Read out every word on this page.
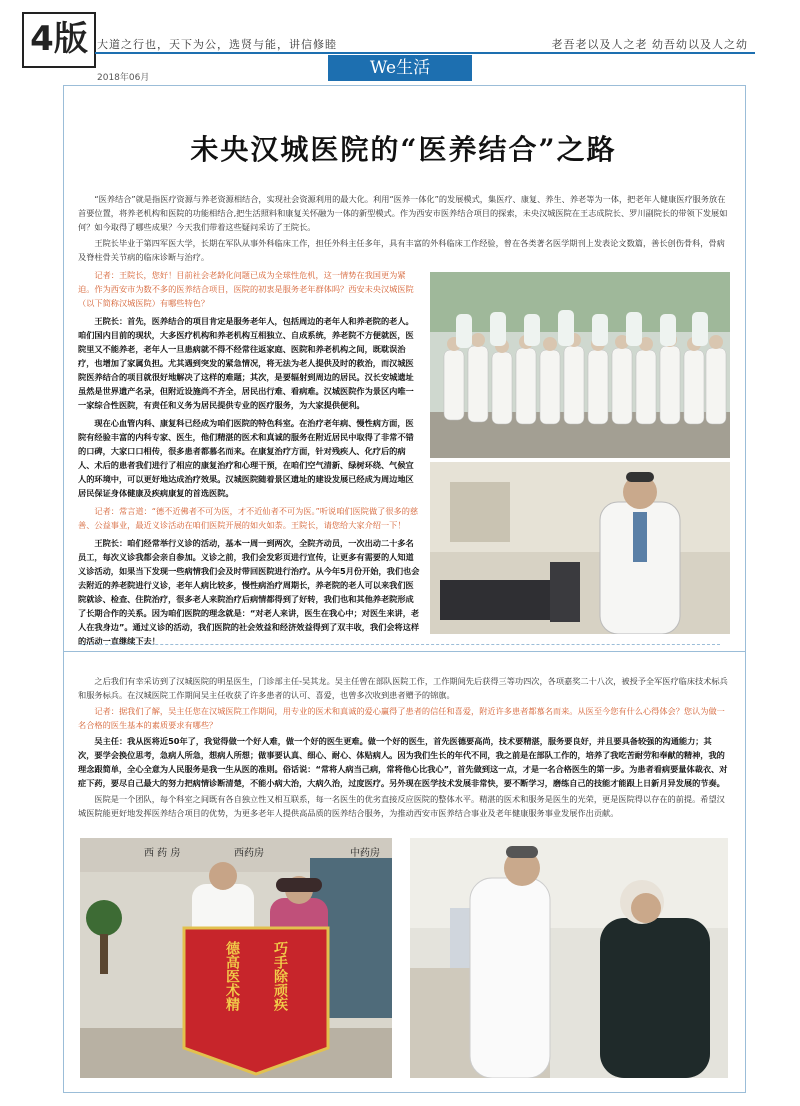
4版 大道之行也，天下为公，选贤与能，讲信修睦	老吾老以及人之老 幼吾幼以及人之幼
We生活
2018年06月
未央汉城医院的“医养结合”之路

“医养结合”就是指医疗资源与养老资源相结合，实现社会资源利用的最大化。利用“医养一体化”的发展模式，集医疗、康复、养生、养老等为一体，把老年人健康医疗服务放在首要位置，将养老机构和医院的功能相结合,把生活照料和康复关怀融为一体的新型模式。作为西安市医养结合项目的探索，未央汉城医院在王志成院长、罗川副院长的带领下发展如何？如今取得了哪些成果？今天我们带着这些疑问采访了王院长。

王院长毕业于第四军医大学，长期在军队从事外科临床工作，担任外科主任多年，具有丰富的外科临床工作经验，曾在各类著名医学期刊上发表论文数篇，善长创伤骨科，骨病及脊柱骨关节病的临床诊断与治疗。

记者：王院长，您好！目前社会老龄化问题已成为全球性危机，这一情势在我国更为紧迫。作为西安市为数不多的医养结合项目，医院的初衷是服务老年群体吗？西安未央汉城医院（以下简称汉城医院）有哪些特色？

王院长：首先，医养结合的项目肯定是服务老年人，包括周边的老年人和养老院的老人。咱们国内目前的现状，大多医疗机构和养老机构互相独立、自成系统，养老院不方便就医，医院里又不能养老，老年人一旦患病就不得不经常往返家庭、医院和养老机构之间，既耽误治疗，也增加了家属负担。尤其遇到突发的紧急情况，将无法为老人提供及时的救治，而汉城医院医养结合的项目就很好地解决了这样的难题；其次，是要辐射到周边的居民。汉长安城遗址虽然是世界遗产名录，但附近设施尚不齐全，居民出行难、看病难。汉城医院作为景区内唯一一家综合性医院，有责任和义务为居民提供专业的医疗服务，为大家提供便利。

现在心血管内科、康复科已经成为咱们医院的特色科室。在治疗老年病、慢性病方面，医院有经验丰富的内科专家、医生，他们精湛的医术和真诚的服务在附近居民中取得了非常不错的口碑，大家口口相传，很多患者都慕名而来。在康复治疗方面，针对残疾人、化疗后的病人、术后的患者我们进行了相应的康复治疗和心理干预，在咱们空气清新、绿树环绕、气候宜人的环境中，可以更好地达成治疗效果。汉城医院随着景区遗址的建设发展已经成为周边地区居民保证身体健康及疾病康复的首选医院。

记者：常言道：“德不近佛者不可为医，才不近仙者不可为医。”听说咱们医院做了很多的慈善、公益事业，最近义诊活动在咱们医院开展的如火如荼。王院长，请您给大家介绍一下！

王院长：咱们经常举行义诊的活动，基本一周一到两次，全院齐动员，一次出动二十多名员工，每次义诊我都会亲自参加。义诊之前，我们会发彩页进行宣传，让更多有需要的人知道义诊活动，如果当下发现一些病情我们会及时带回医院进行治疗。从今年5月份开始，我们也会去附近的养老院进行义诊，老年人病比较多，慢性病治疗周期长，养老院的老人可以来我们医院就诊、检查、住院治疗，很多老人来院治疗后病情都得到了好转，我们也和其他养老院形成了长期合作的关系。因为咱们医院的理念就是：“对老人来讲，医生在我心中；对医生来讲，老人在我身边”。通过义诊的活动，我们医院的社会效益和经济效益得到了双丰收，我们会将这样的活动一直继续下去！

之后我们有幸采访到了汉城医院的明星医生，门诊部主任-吴其龙。吴主任曾在部队医院工作，工作期间先后获得三等功四次，各项嘉奖二十八次，被授予全军医疗临床技术标兵和服务标兵。在汉城医院工作期间吴主任收获了许多患者的认可、喜爱，也曾多次收到患者赠予的锦旗。

记者：据我们了解，吴主任您在汉城医院工作期间，用专业的医术和真诚的爱心赢得了患者的信任和喜爱，附近许多患者都慕名而来。从医至今您有什么心得体会？您认为做一名合格的医生基本的素质要求有哪些？

吴主任：我从医将近50年了，我觉得做一个好人难，做一个好的医生更难。做一个好的医生，首先医德要高尚，技术要精湛，服务要良好，并且要具备较强的沟通能力；其次，要学会换位思考，急病人所急，想病人所想；做事要认真、细心、耐心、体贴病人。因为我们生长的年代不同，我之前是在部队工作的，培养了我吃苦耐劳和奉献的精神，我的理念跟简单，全心全意为人民服务是我一生从医的准则。俗话说：“常将人病当己病，常将他心比我心”，首先做到这一点，才是一名合格医生的第一步。为患者看病要量体裁衣、对症下药，要尽自己最大的努力把病情诊断清楚，不能小病大治，大病久治，过度医疗。另外现在医学技术发展非常快，要不断学习，磨练自己的技能才能跟上日新月异发展的节奏。

医院是一个团队，每个科室之间既有各自独立性又相互联系，每一名医生的优劣直接反应医院的整体水平。精湛的医术和服务是医生的光荣，更是医院得以存在的前提。希望汉城医院能更好地发挥医养结合项目的优势，为更多老年人提供高品质的医养结合服务，为推动西安市医养结合事业及老年健康服务事业发展作出贡献。

德高医术精	巧手除顽疾
西 药 房	西药房	中药房
